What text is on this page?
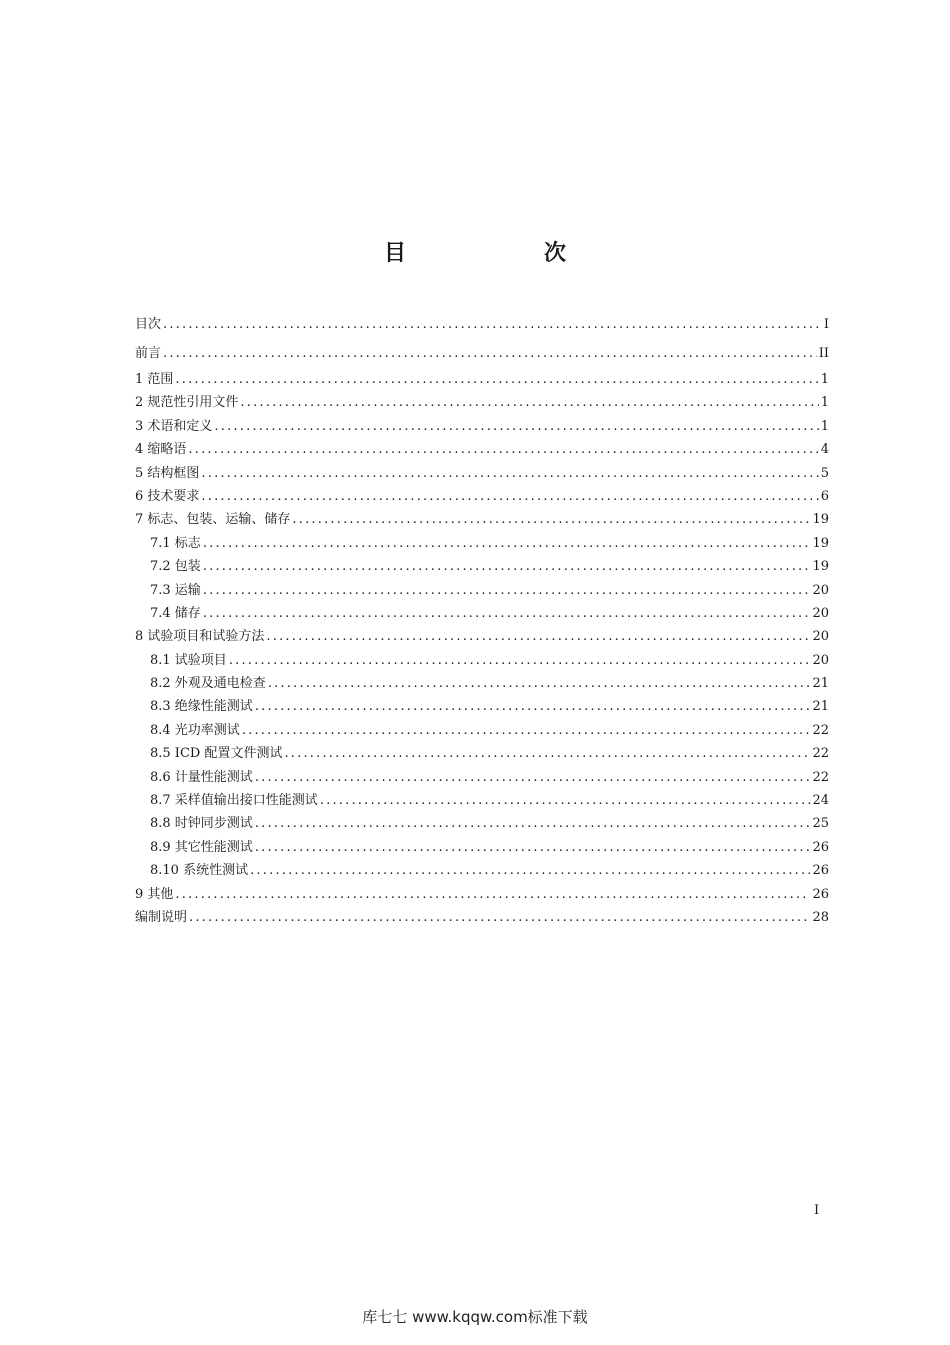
目　次
目次 .....	I
前言 .....	II
1 范围 .....	1
2 规范性引用文件 .....	1
3 术语和定义 .....	1
4 缩略语 .....	4
5 结构框图 .....	5
6 技术要求 .....	6
7 标志、包装、运输、储存 .....	19
7.1 标志 .....	19
7.2 包装 .....	19
7.3 运输 .....	20
7.4 储存 .....	20
8 试验项目和试验方法 .....	20
8.1 试验项目 .....	20
8.2 外观及通电检查 .....	21
8.3 绝缘性能测试 .....	21
8.4 光功率测试 .....	22
8.5 ICD 配置文件测试 .....	22
8.6 计量性能测试 .....	22
8.7 采样值输出接口性能测试 .....	24
8.8 时钟同步测试 .....	25
8.9 其它性能测试 .....	26
8.10 系统性测试 .....	26
9 其他 .....	26
编制说明 .....	28
I
库七七 www.kqqw.com标准下载
